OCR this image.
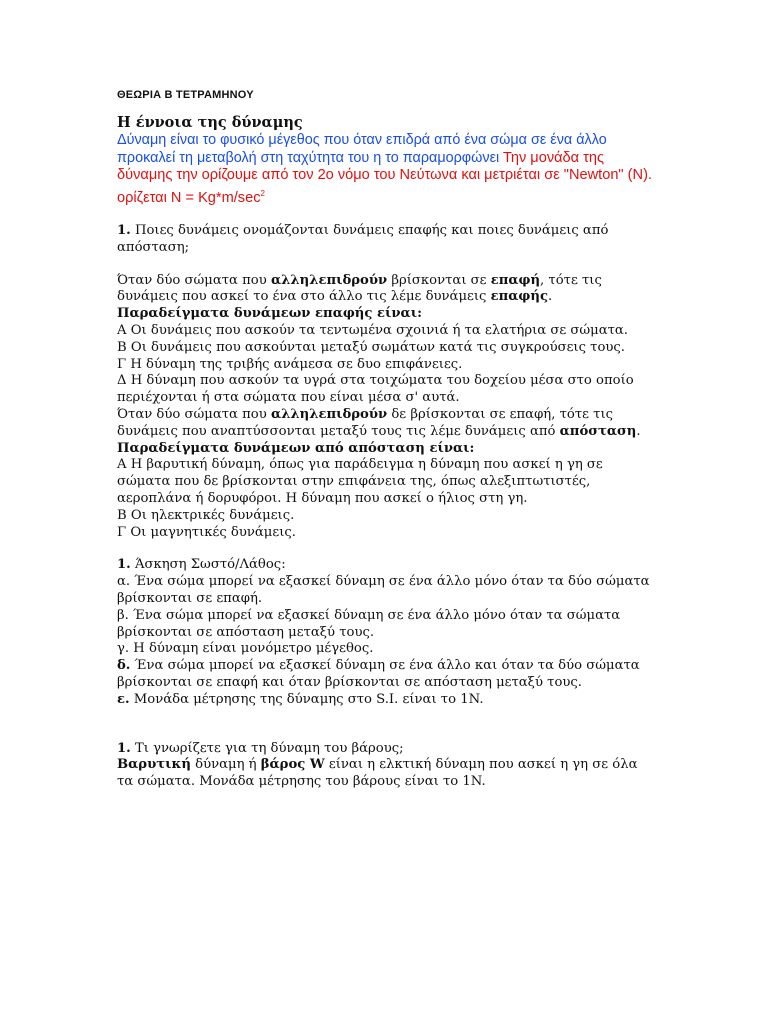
ΘΕΩΡΙΑ Β ΤΕΤΡΑΜΗΝΟΥ

Η έννοια της δύναμης

Δύναμη είναι το φυσικό μέγεθος που όταν επιδρά από ένα σώμα σε ένα άλλο προκαλεί τη μεταβολή στη ταχύτητα του η το παραμορφώνει Την μονάδα της δύναμης την ορίζουμε από τον 2ο νόμο του Νεύτωνα και μετριέται σε "Newton" (N).

ορίζεται $N = Kg*m/\sec^2$

1. Ποιες δυνάμεις ονομάζονται δυνάμεις επαφής και ποιες δυνάμεις από απόσταση;

Όταν δύο σώματα που αλληλεπιδρούν βρίσκονται σε επαφή, τότε τις δυνάμεις που ασκεί το ένα στο άλλο τις λέμε δυνάμεις επαφής.

Παραδείγματα δυνάμεων επαφής είναι:

Α Οι δυνάμεις που ασκούν τα τεντωμένα σχοινιά ή τα ελατήρια σε σώματα.

Β Οι δυνάμεις που ασκούνται μεταξύ σωμάτων κατά τις συγκρούσεις τους.

Γ Η δύναμη της τριβής ανάμεσα σε δυο επιφάνειες.

Δ Η δύναμη που ασκούν τα υγρά στα τοιχώματα του δοχείου μέσα στο οποίο περιέχονται ή στα σώματα που είναι μέσα σ' αυτά.

Όταν δύο σώματα που αλληλεπιδρούν δε βρίσκονται σε επαφή, τότε τις δυνάμεις που αναπτύσσονται μεταξύ τους τις λέμε δυνάμεις από απόσταση.

Παραδείγματα δυνάμεων από απόσταση είναι:

Α Η βαρυτική δύναμη, όπως για παράδειγμα η δύναμη που ασκεί η γη σε σώματα που δε βρίσκονται στην επιφάνεια της, όπως αλεξιπτωτιστές, αεροπλάνα ή δορυφόροι. Η δύναμη που ασκεί ο ήλιος στη γη.

Β Οι ηλεκτρικές δυνάμεις.

Γ Οι μαγνητικές δυνάμεις.

1. Άσκηση Σωστό/Λάθος:

α. Ένα σώμα μπορεί να εξασκεί δύναμη σε ένα άλλο μόνο όταν τα δύο σώματα βρίσκονται σε επαφή.

β. Ένα σώμα μπορεί να εξασκεί δύναμη σε ένα άλλο μόνο όταν τα σώματα βρίσκονται σε απόσταση μεταξύ τους.

γ. Η δύναμη είναι μονόμετρο μέγεθος.

δ. Ένα σώμα μπορεί να εξασκεί δύναμη σε ένα άλλο και όταν τα δύο σώματα βρίσκονται σε επαφή και όταν βρίσκονται σε απόσταση μεταξύ τους.

ε. Μονάδα μέτρησης της δύναμης στο S.I. είναι το 1N.

1. Τι γνωρίζετε για τη δύναμη του βάρους;

Βαρυτική δύναμη ή βάρος W είναι η ελκτική δύναμη που ασκεί η γη σε όλα τα σώματα. Μονάδα μέτρησης του βάρους είναι το 1N.
